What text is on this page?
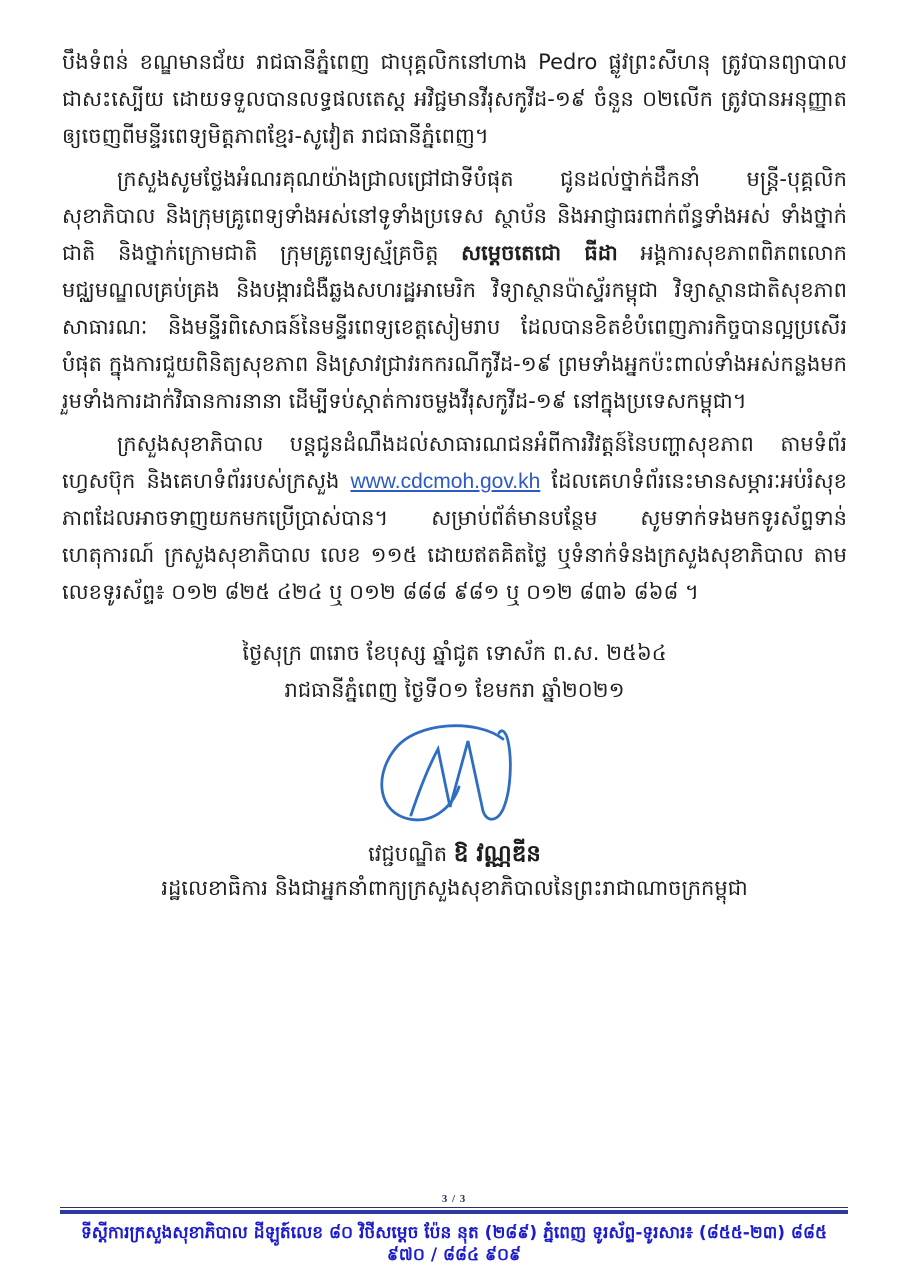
បឹងទំពន់ ខណ្ឌមានជ័យ រាជធានីភ្នំពេញ ជាបុគ្គលិកនៅហាង Pedro ផ្លូវព្រះសីហនុ ត្រូវបានព្យាបាលជាសះស្បើយ ដោយទទួលបានលទ្ធផលតេស្ត អវិជ្ជមានវីរុសកូវីដ-១៩ ចំនួន ០២លើក ត្រូវបានអនុញ្ញាតឲ្យចេញពីមន្ទីរពេទ្យមិត្តភាពខ្មែរ-សូវៀត រាជធានីភ្នំពេញ។

ក្រសួងសូមថ្លែងអំណរគុណយ៉ាងជ្រាលជ្រៅជាទីបំផុត ជូនដល់ថ្នាក់ដឹកនាំ មន្ត្រី-បុគ្គលិកសុខាភិបាល និងក្រុមគ្រូពេទ្យទាំងអស់នៅទូទាំងប្រទេស ស្ថាប័ន និងអាជ្ញាធរពាក់ព័ន្ធទាំងអស់ ទាំងថ្នាក់ជាតិ និងថ្នាក់ក្រោមជាតិ ក្រុមគ្រូពេទ្យស្ម័គ្រចិត្ត សម្ដេចតេជោ ធីដា អង្គការសុខភាពពិភពលោក មជ្ឈមណ្ឌលគ្រប់គ្រង និងបង្ការជំងឺឆ្លងសហរដ្ឋអាមេរិក វិទ្យាស្ថានប៉ាស្ទ័រកម្ពុជា វិទ្យាស្ថានជាតិសុខភាពសាធារណៈ និងមន្ទីរពិសោធន៍នៃមន្ទីរពេទ្យខេត្តសៀមរាប ដែលបានខិតខំបំពេញភារកិច្ចបានល្អប្រសើរបំផុត ក្នុងការជួយពិនិត្យសុខភាព និងស្រាវជ្រាវរកករណីកូវីដ-១៩ ព្រមទាំងអ្នកប៉ះពាល់ទាំងអស់កន្លងមក រួមទាំងការដាក់វិធានការនានា ដើម្បីទប់ស្កាត់ការចម្លងវីរុសកូវីដ-១៩ នៅក្នុងប្រទេសកម្ពុជា។

ក្រសួងសុខាភិបាល បន្តជូនដំណឹងដល់សាធារណជនអំពីការវិវត្តន៍នៃបញ្ហាសុខភាព តាមទំព័រហ្វេសប៊ុក និងគេហទំព័ររបស់ក្រសួង www.cdcmoh.gov.kh ដែលគេហទំព័រនេះមានសម្ភារៈអប់រំសុខភាពដែលអាចទាញយកមកប្រើប្រាស់បាន។ សម្រាប់ព័ត៌មានបន្ថែម សូមទាក់ទងមកទូរស័ព្ទទាន់ហេតុការណ៍ ក្រសួងសុខាភិបាល លេខ ១១៥ ដោយឥតគិតថ្លៃ ឬទំនាក់ទំនងក្រសួងសុខាភិបាល តាមលេខទូរស័ព្ទ៖ ០១២ ៨២៥ ៤២៤ ឬ ០១២ ៨៨៨ ៩៨១ ឬ ០១២ ៨៣៦ ៨៦៨ ។

ថ្ងៃសុក្រ ៣រោច ខែបុស្ស ឆ្នាំជូត ទោស័ក ព.ស. ២៥៦៤
រាជធានីភ្នំពេញ ថ្ងៃទី០១ ខែមករា ឆ្នាំ២០២១
វេជ្ជបណ្ឌិត ឱ វណ្ណឌីន
រដ្ឋលេខាធិការ និងជាអ្នកនាំពាក្យក្រសួងសុខាភិបាលនៃព្រះរាជាណាចក្រកម្ពុជា
3 / 3
ទីស្តីការក្រសួងសុខាភិបាល ដីឡូត៍លេខ ៨០ វិថីសម្តេច ប៉ែន នុត (២៨៩) ភ្នំពេញ ទូរស័ព្ទ-ទូរសារ៖ (៨៥៥-២៣) ៨៨៥ ៩៧០ / ៨៨៤ ៩០៩
